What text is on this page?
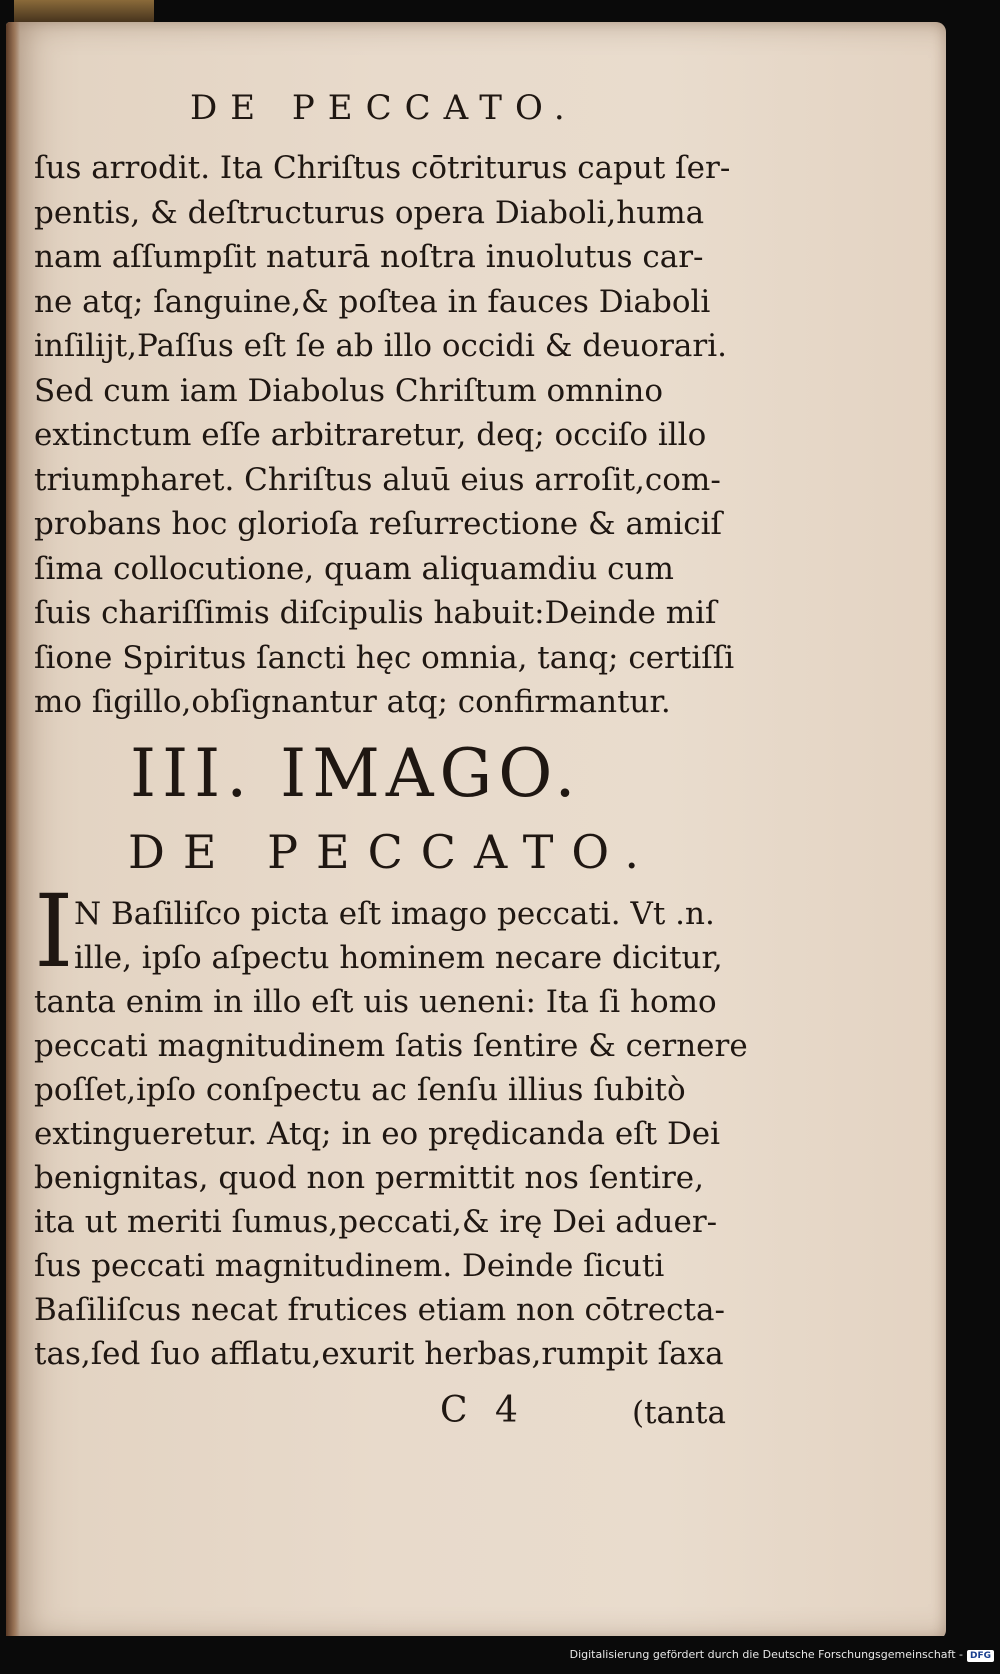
DE PECCATO.
ſus arrodit. Ita Chriſtus cōtriturus caput ſer-
pentis, & deſtructurus opera Diaboli,huma
nam aſſumpſit naturā noſtra inuolutus car-
ne atq; ſanguine,& poſtea in fauces Diaboli
inſilijt,Paſſus eſt ſe ab illo occidi & deuorari.
Sed cum iam Diabolus Chriſtum omnino
extinctum eſſe arbitraretur, deq; occiſo illo
triumpharet. Chriſtus aluū eius arroſit,com-
probans hoc glorioſa reſurrectione & amiciſ
ſima collocutione, quam aliquamdiu cum
ſuis chariſſimis diſcipulis habuit:Deinde miſ
ſione Spiritus ſancti hęc omnia, tanq; certiſſi
mo ſigillo,obſignantur atq; confirmantur.
III. IMAGO.
DE PECCATO.
I N Baſiliſco picta eſt imago peccati. Vt .n.
ille, ipſo aſpectu hominem necare dicitur,
tanta enim in illo eſt uis ueneni: Ita ſi homo
peccati magnitudinem ſatis ſentire & cernere
poſſet,ipſo conſpectu ac ſenſu illius ſubitò
extingueretur. Atq; in eo prędicanda eſt Dei
benignitas, quod non permittit nos ſentire,
ita ut meriti ſumus,peccati,& irę Dei aduer-
ſus peccati magnitudinem. Deinde ſicuti
Baſiliſcus necat frutices etiam non cōtrecta-
tas,ſed ſuo afflatu,exurit herbas,rumpit ſaxa
C 4	(tanta
Digitalisierung gefördert durch die Deutsche Forschungsgemeinschaft - DFG
